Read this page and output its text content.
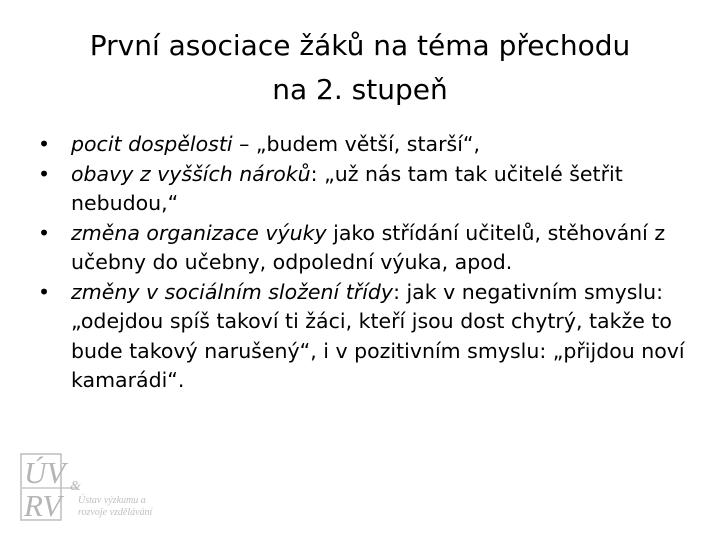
První asociace žáků na téma přechodu
na 2. stupeň
•	pocit dospělosti – „budem větší, starší“,
•	obavy z vyšších nároků: „už nás tam tak učitelé šetřit nebudou,“
•	změna organizace výuky jako střídání učitelů, stěhování z učebny do učebny, odpolední výuka, apod.
•	změny v sociálním složení třídy: jak v negativním smyslu: „odejdou spíš takoví ti žáci, kteří jsou dost chytrý, takže to bude takový narušený“, i v pozitivním smyslu: „přijdou noví kamarádi“.
ÚV &
RV	Ústav výzkumu a
rozvoje vzdělávání
